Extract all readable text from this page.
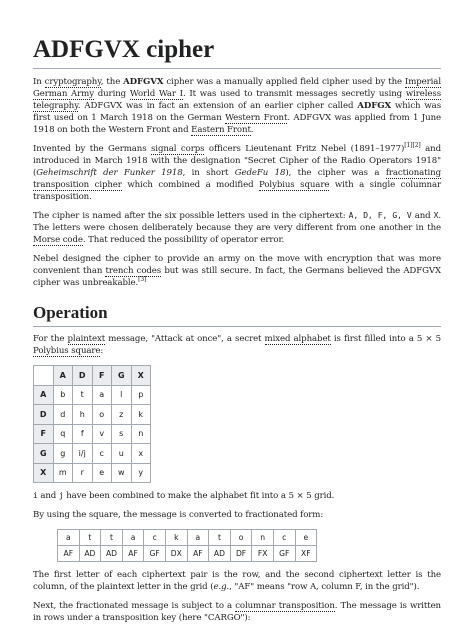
ADFGVX cipher

In cryptography, the ADFGVX cipher was a manually applied field cipher used by the Imperial German Army during World War I. It was used to transmit messages secretly using wireless telegraphy. ADFGVX was in fact an extension of an earlier cipher called ADFGX which was first used on 1 March 1918 on the German Western Front. ADFGVX was applied from 1 June 1918 on both the Western Front and Eastern Front.

Invented by the Germans signal corps officers Lieutenant Fritz Nebel (1891–1977)[1][2] and introduced in March 1918 with the designation "Secret Cipher of the Radio Operators 1918" (Geheimschrift der Funker 1918, in short GedeFu 18), the cipher was a fractionating transposition cipher which combined a modified Polybius square with a single columnar transposition.

The cipher is named after the six possible letters used in the ciphertext: A, D, F, G, V and X. The letters were chosen deliberately because they are very different from one another in the Morse code. That reduced the possibility of operator error.

Nebel designed the cipher to provide an army on the move with encryption that was more convenient than trench codes but was still secure. In fact, the Germans believed the ADFGVX cipher was unbreakable.[3]

Operation

For the plaintext message, "Attack at once", a secret mixed alphabet is first filled into a 5 × 5 Polybius square:

	A	D	F	G	X
A	b	t	a	l	p
D	d	h	o	z	k
F	q	f	v	s	n
G	g	i/j	c	u	x
X	m	r	e	w	y

i and j have been combined to make the alphabet fit into a 5 × 5 grid.

By using the square, the message is converted to fractionated form:

a	t	t	a	c	k	a	t	o	n	c	e
AF	AD	AD	AF	GF	DX	AF	AD	DF	FX	GF	XF

The first letter of each ciphertext pair is the row, and the second ciphertext letter is the column, of the plaintext letter in the grid (e.g., "AF" means "row A, column F, in the grid").

Next, the fractionated message is subject to a columnar transposition. The message is written in rows under a transposition key (here "CARGO"):
